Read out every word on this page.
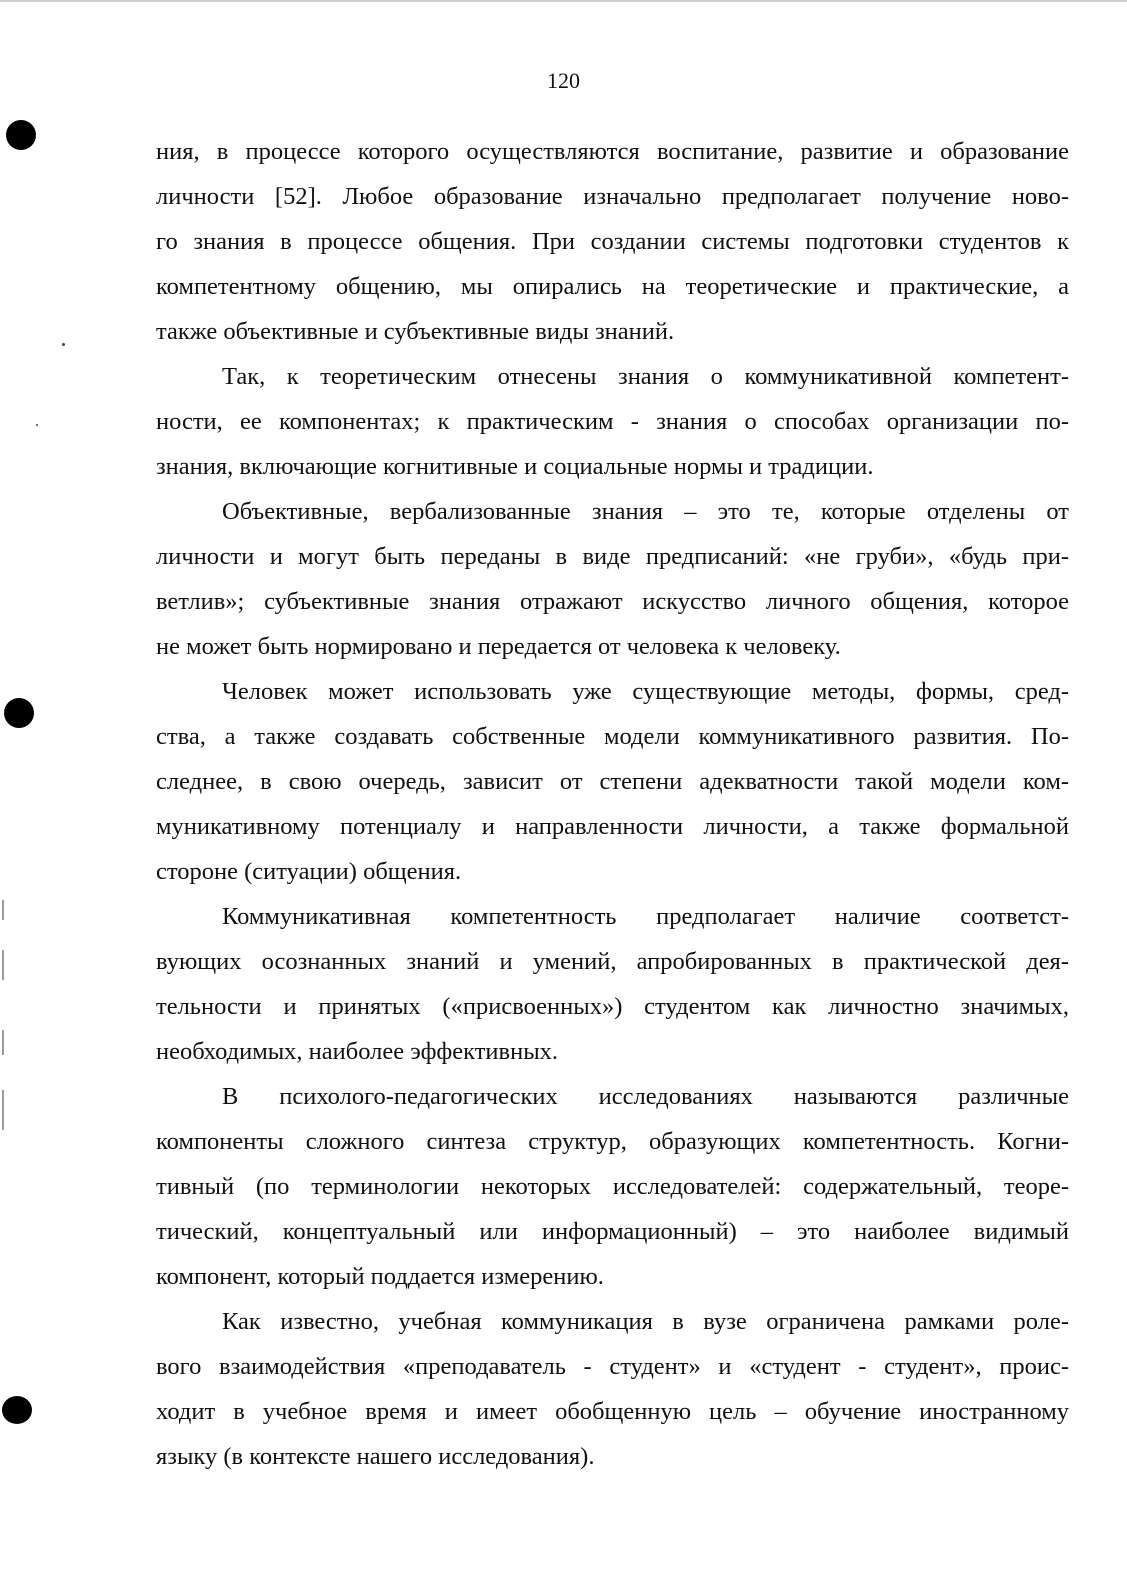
120
ния, в процессе которого осуществляются воспитание, развитие и образование
личности [52]. Любое образование изначально предполагает получение ново-
го знания в процессе общения. При создании системы подготовки студентов к
компетентному общению, мы опирались на теоретические и практические, а
также объективные и субъективные виды знаний.
Так, к теоретическим отнесены знания о коммуникативной компетент-
ности, ее компонентах; к практическим - знания о способах организации по-
знания, включающие когнитивные и социальные нормы и традиции.
Объективные, вербализованные знания – это те, которые отделены от
личности и могут быть переданы в виде предписаний: «не груби», «будь при-
ветлив»; субъективные знания отражают искусство личного общения, которое
не может быть нормировано и передается от человека к человеку.
Человек может использовать уже существующие методы, формы, сред-
ства, а также создавать собственные модели коммуникативного развития. По-
следнее, в свою очередь, зависит от степени адекватности такой модели ком-
муникативному потенциалу и направленности личности, а также формальной
стороне (ситуации) общения.
Коммуникативная компетентность предполагает наличие соответст-
вующих осознанных знаний и умений, апробированных в практической дея-
тельности и принятых («присвоенных») студентом как личностно значимых,
необходимых, наиболее эффективных.
В психолого-педагогических исследованиях называются различные
компоненты сложного синтеза структур, образующих компетентность. Когни-
тивный (по терминологии некоторых исследователей: содержательный, теоре-
тический, концептуальный или информационный) – это наиболее видимый
компонент, который поддается измерению.
Как известно, учебная коммуникация в вузе ограничена рамками роле-
вого взаимодействия «преподаватель - студент» и «студент - студент», проис-
ходит в учебное время и имеет обобщенную цель – обучение иностранному
языку (в контексте нашего исследования).
